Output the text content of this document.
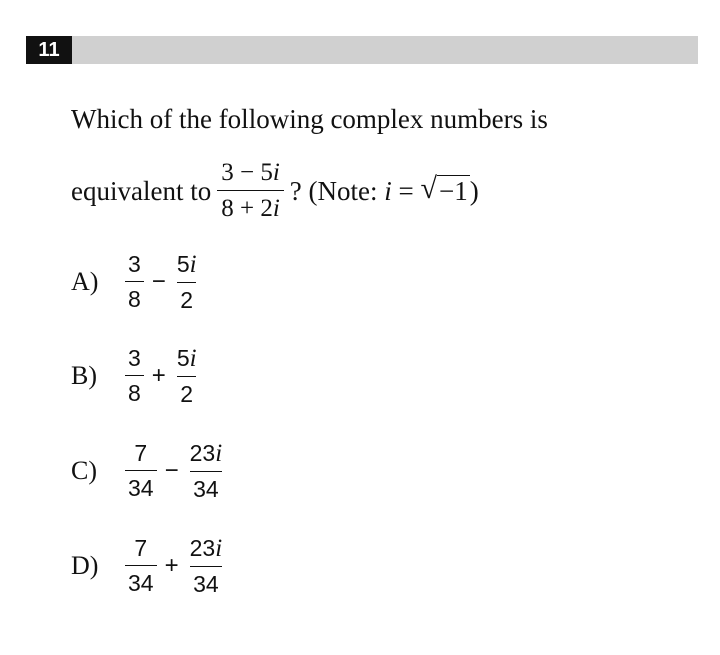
11
Which of the following complex numbers is
equivalent to $\frac{3 - 5i}{8 + 2i}$ ? (Note:
i
=
√ −1 )
A)	$\frac{3}{8} - \frac{5i}{2}$
B)	$\frac{3}{8} + \frac{5i}{2}$
C)	$\frac{7}{34} - \frac{23i}{34}$
D)	$\frac{7}{34} + \frac{23i}{34}$
